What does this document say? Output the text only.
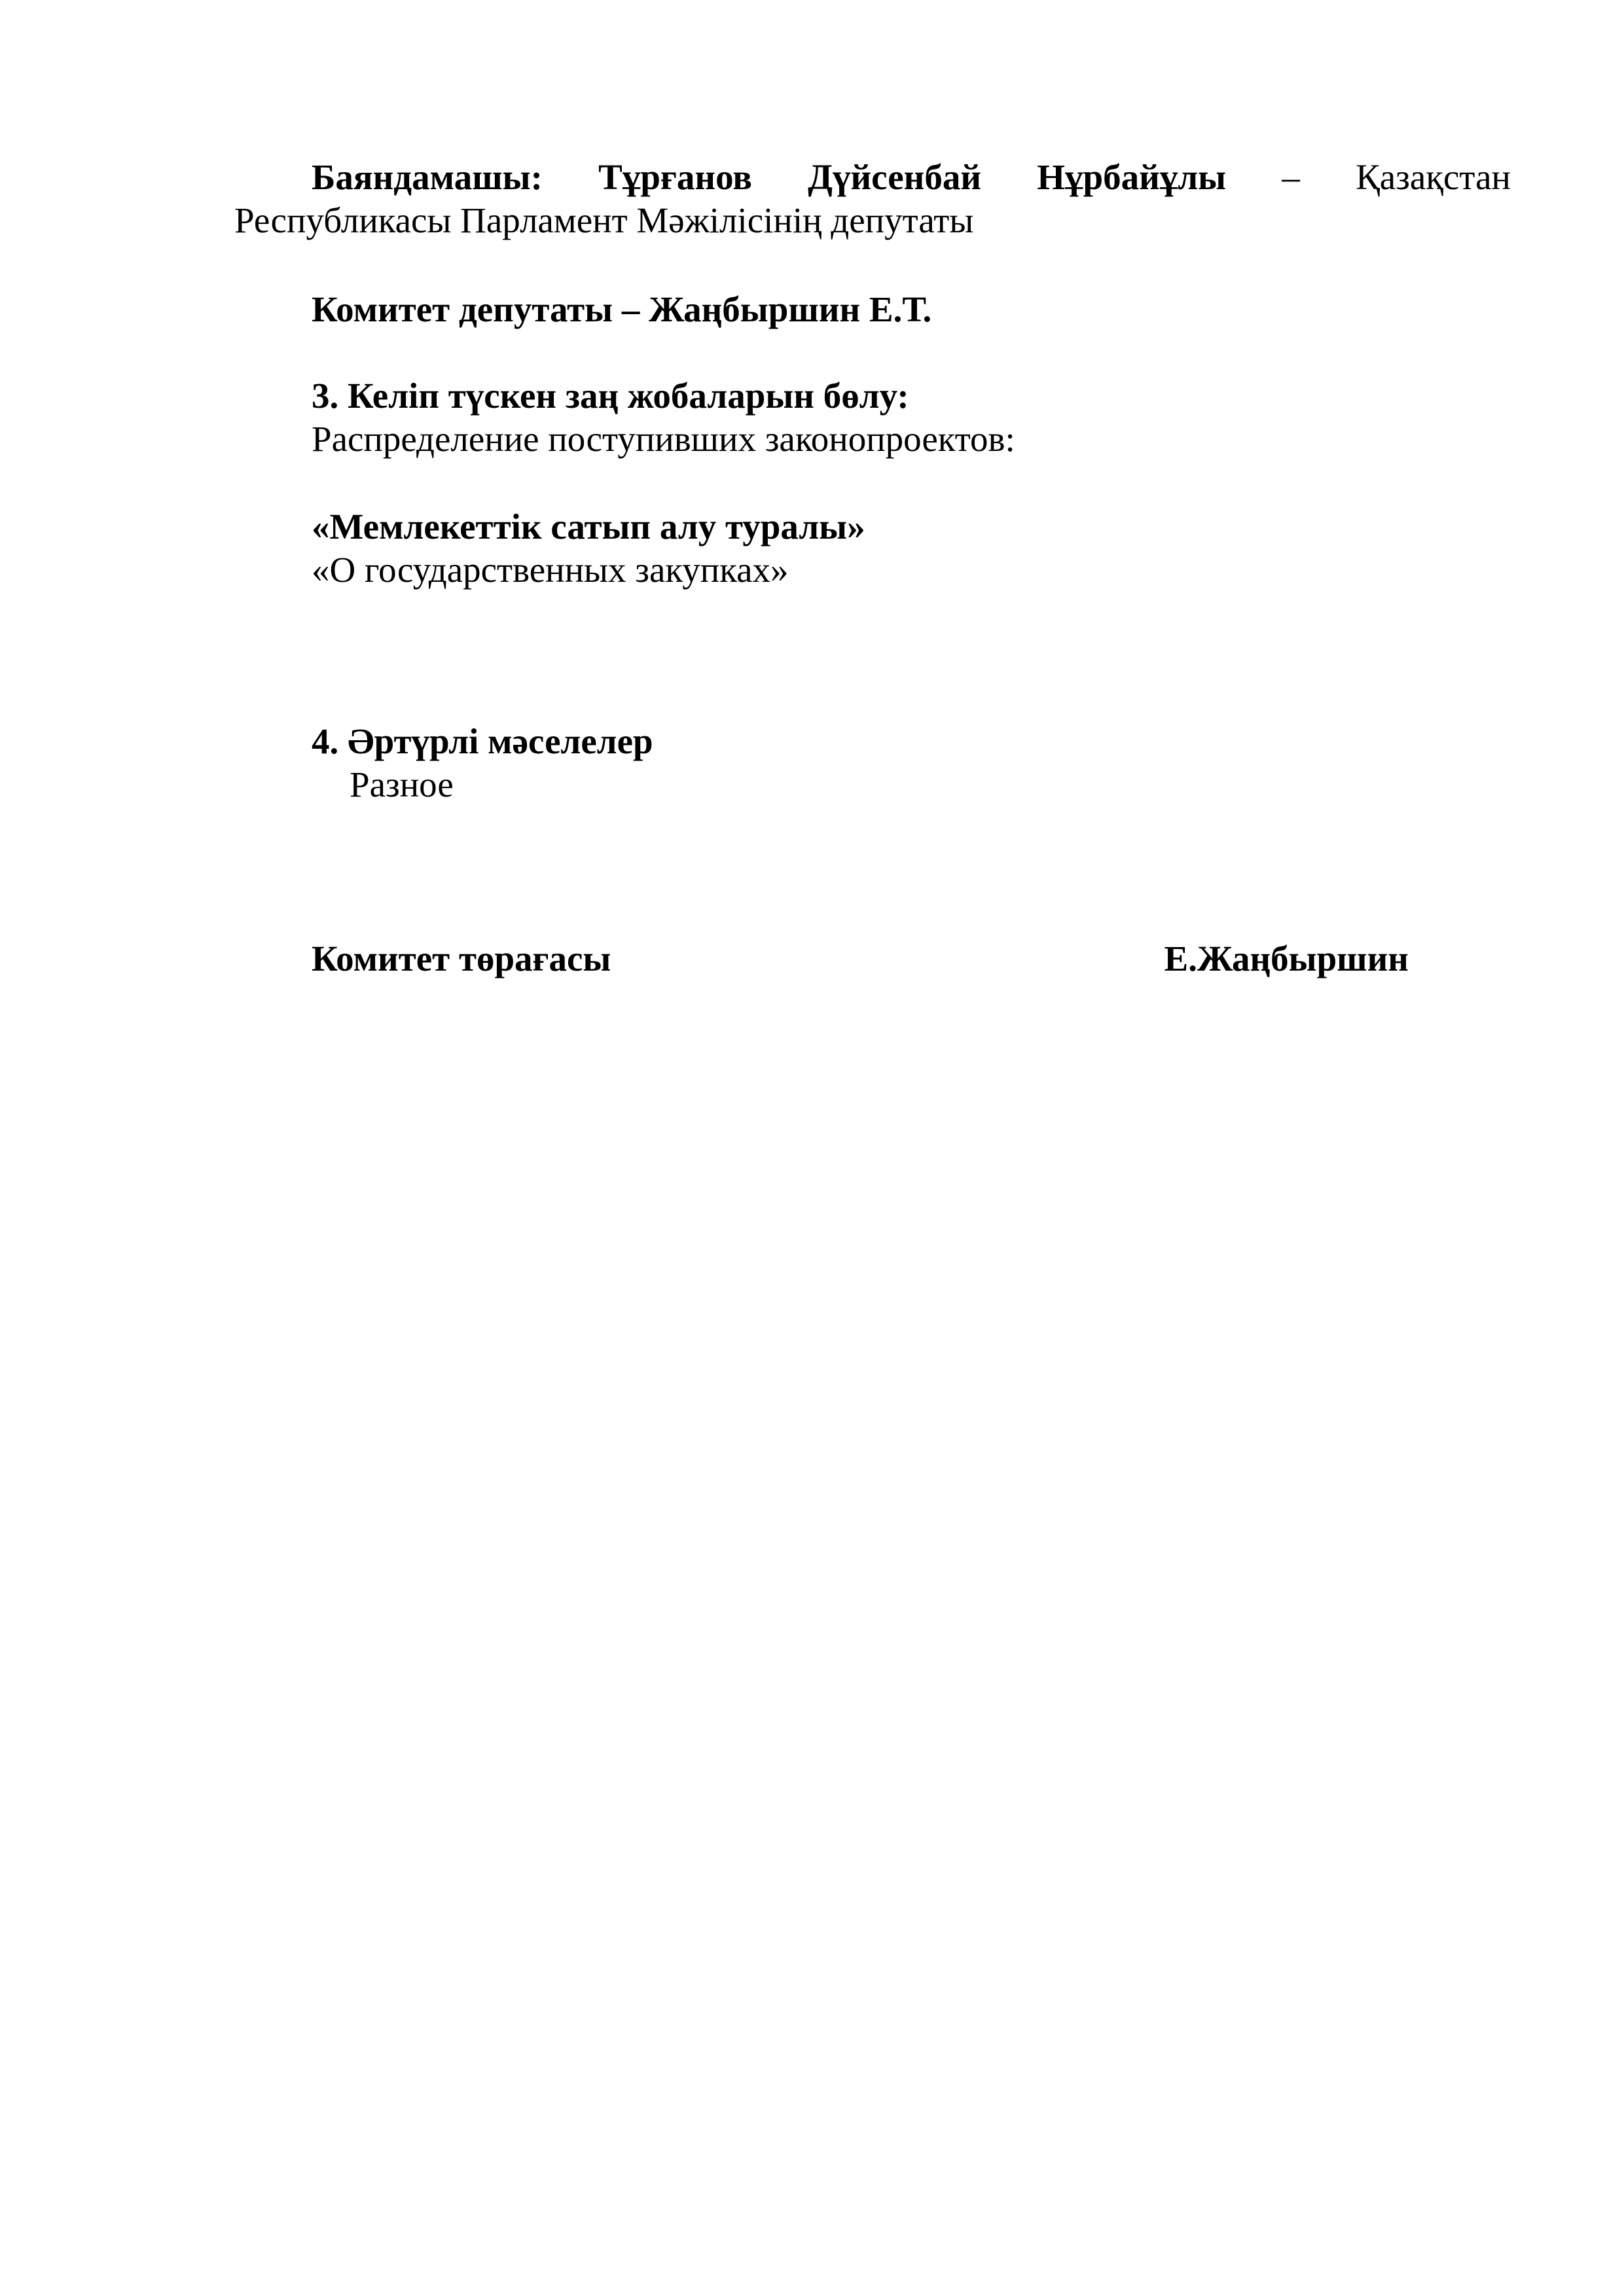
Баяндамашы: Тұрғанов Дүйсенбай Нұрбайұлы – Қазақстан
Республикасы Парламент Мәжілісінің депутаты
Комитет депутаты – Жаңбыршин Е.Т.
3. Келіп түскен заң жобаларын бөлу:
Распределение поступивших законопроектов:
«Мемлекеттік сатып алу туралы»
«О государственных закупках»
4. Әртүрлі мәселелер
Разное
Комитет төрағасы	Е.Жаңбыршин
